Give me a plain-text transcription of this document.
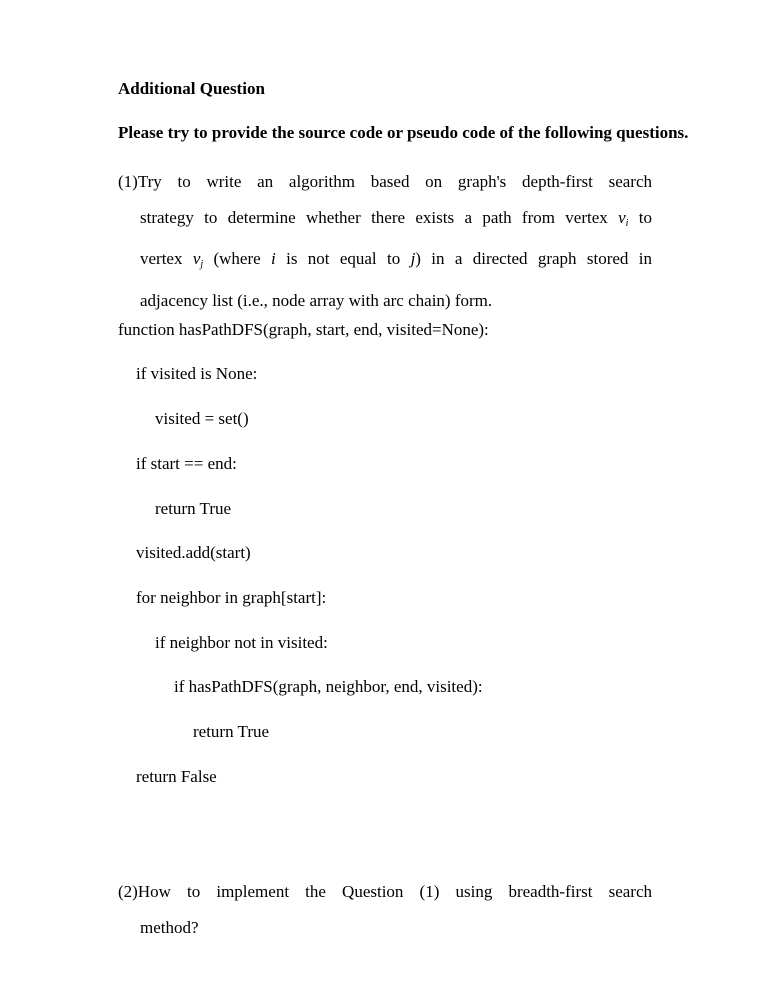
Additional Question

Please try to provide the source code or pseudo code of the following questions.

(1)Try to write an algorithm based on graph's depth-first search
strategy to determine whether there exists a path from vertex $v_i$ to
vertex $v_j$ (where i is not equal to j) in a directed graph stored in
adjacency list (i.e., node array with arc chain) form.
function hasPathDFS(graph, start, end, visited=None):
if visited is None:
visited = set()
if start == end:
return True
visited.add(start)
for neighbor in graph[start]:
if neighbor not in visited:
if hasPathDFS(graph, neighbor, end, visited):
return True
return False
(2)How to implement the Question (1) using breadth-first search
method?
